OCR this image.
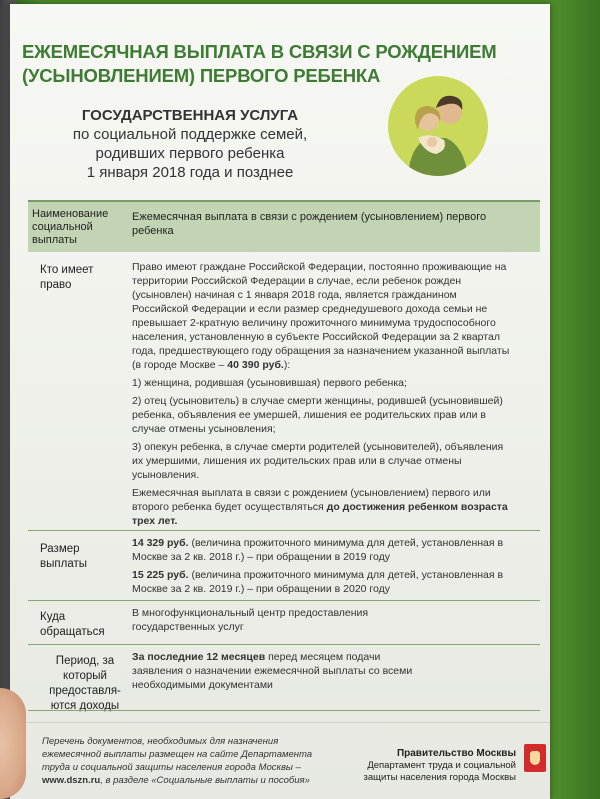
ЕЖЕМЕСЯЧНАЯ ВЫПЛАТА В СВЯЗИ С РОЖДЕНИЕМ
(УСЫНОВЛЕНИЕМ) ПЕРВОГО РЕБЕНКА
ГОСУДАРСТВЕННАЯ УСЛУГА
по социальной поддержке семей,
родивших первого ребенка
1 января 2018 года и позднее
Наименование социальной выплаты
Ежемесячная выплата в связи с рождением (усыновлением) первого ребенка
Кто имеет право

Право имеют граждане Российской Федерации, постоянно проживающие на территории Российской Федерации в случае, если ребенок рожден (усыновлен) начиная с 1 января 2018 года, является гражданином Российской Федерации и если размер среднедушевого дохода семьи не превышает 2-кратную величину прожиточного минимума трудоспособного населения, установленную в субъекте Российской Федерации за 2 квартал года, предшествующего году обращения за назначением указанной выплаты (в городе Москве – 40 390 руб.):

1) женщина, родившая (усыновившая) первого ребенка;

2) отец (усыновитель) в случае смерти женщины, родившей (усыновившей) ребенка, объявления ее умершей, лишения ее родительских прав или в случае отмены усыновления;

3) опекун ребенка, в случае смерти родителей (усыновителей), объявления их умершими, лишения их родительских прав или в случае отмены усыновления.

Ежемесячная выплата в связи с рождением (усыновлением) первого или второго ребенка будет осуществляться до достижения ребенком возраста трех лет.

Размер выплаты

14 329 руб. (величина прожиточного минимума для детей, установленная в Москве за 2 кв. 2018 г.) – при обращении в 2019 году

15 225 руб. (величина прожиточного минимума для детей, установленная в Москве за 2 кв. 2019 г.) – при обращении в 2020 году

Куда обращаться
В многофункциональный центр предоставления государственных услуг
Период, за который предоставля-ются доходы
За последние 12 месяцев перед месяцем подачи заявления о назначении ежемесячной выплаты со всеми необходимыми документами
Перечень документов, необходимых для назначения ежемесячной выплаты размещен на сайте Департамента труда и социальной защиты населения города Москвы – www.dszn.ru, в разделе «Социальные выплаты и пособия»
Правительство Москвы
Департамент труда и социальной защиты населения города Москвы
